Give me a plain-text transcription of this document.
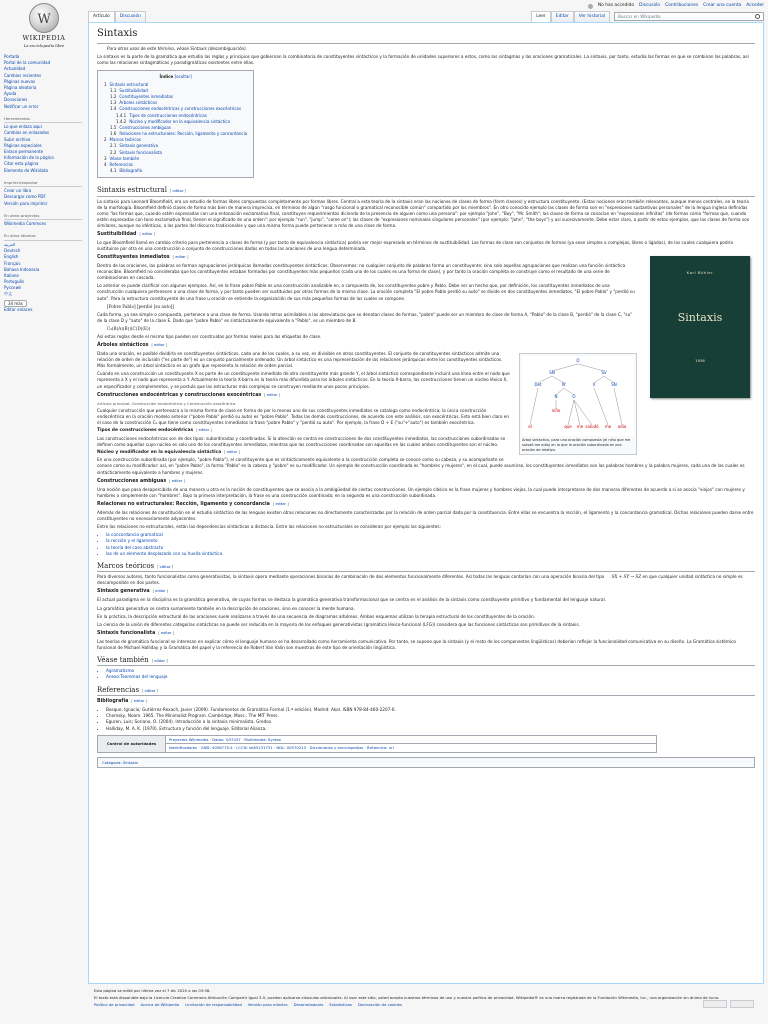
No has accedido Discusión Contribuciones Crear una cuenta Acceder
W
WIKIPEDIA
La enciclopedia libre
Portada
Portal de la comunidad
Actualidad
Cambios recientes
Páginas nuevas
Página aleatoria
Ayuda
Donaciones
Notificar un error
Herramientas
Lo que enlaza aquí
Cambios en enlazadas
Subir archivo
Páginas especiales
Enlace permanente
Información de la página
Citar esta página
Elemento de Wikidata
Imprimir/exportar
Crear un libro
Descargar como PDF
Versión para imprimir
En otros proyectos
Wikimedia Commons
En otros idiomas
العربية
Deutsch
English
Français
Bahasa Indonesia
Italiano
Português
Русский
中文
34 más
Editar enlaces
Artículo	Discusión	Leer	Editar	Ver historial	Buscar en Wikipedia
Sintaxis
Para otros usos de este término, véase Sintaxis (desambiguación).

La sintaxis es la parte de la gramática que estudia las reglas y principios que gobiernan la combinatoria de constituyentes sintácticos y la formación de unidades superiores a estos, como los sintagmas y las oraciones gramaticales. La sintaxis, por tanto, estudia las formas en que se combinan las palabras, así como las relaciones sintagmáticas y paradigmáticas existentes entre ellas.

Índice [ocultar]
1 Sintaxis estructural
1.1 Sustituibilidad
1.2 Constituyentes inmediatos
1.3 Árboles sintácticos
1.4 Construcciones endocéntricas y construcciones exocéntricas
1.4.1 Tipos de construcciones endocéntricas
1.4.2 Núcleo y modificador en la equivalencia sintáctica
1.5 Construcciones ambiguas
1.6 Relaciones no estructurales: Rección, ligamento y concordancia
2 Marcos teóricos
2.1 Sintaxis generativa
2.2 Sintaxis funcionalista
3 Véase también
4 Referencias
4.1 Bibliografía
Sintaxis estructural [ editar ]

La sintaxis para Leonard Bloomfield, era un estudio de formas libres compuestas completamente por formas libres. Central a esta teoría de la sintaxis eran las nociones de clases de forma (form classes) y estructura constituyente. (Estas nociones eran también relevantes, aunque menos centrales, en la teoría de la morfología. Bloomfield definió clases de forma más bien de manera imprecisa, en términos de algún "rasgo funcional o gramatical reconocible común" compartido por los miembros". En otro conocido ejemplo las clases de forma son en "expresiones sustantivas personales" de la lengua inglesa definidas como "las formas que, cuando estén expresadas con una entonación exclamativa final, constituyen requerimientos diciendo de la presencia de alguien como una persona": por ejemplo "John", "Boy", "Mr. Smith"; las clases de forma se conocían en "expresiones infinitas" (de formas como "formas que, cuando estén expresadas con tono exclamativo final, tienen el significado de una orden": por ejemplo "run", "jump", "come on"); las clases de "expresiones nominales singulares personales" (por ejemplo: "John", "the boys") y así sucesivamente. Debe estar claro, a partir de estos ejemplos, que las clases de forma son similares, aunque no idénticas, a las partes del discurso tradicionales y que una misma forma puede pertenecer a más de una clase de forma.

Sustituibilidad [ editar ]

Lo que Bloomfield llamó en cambio criterio para pertenencia a clases de forma (y por tanto de equivalencia sintáctica) podría ser mejor expresado en términos de sustituibilidad. Las formas de clase son conjuntos de formas (ya sean simples o complejas, libres o ligadas), de las cuales cualquiera podría sustituirse por otra en una construcción o conjunto de construcciones dadas en todas las oraciones de una lengua determinada.

Karl Bühler
Sintaxis
1936
Constituyentes inmediatos [ editar ]

Dentro de las oraciones, las palabras se forman agrupaciones jerárquicas llamadas constituyentes sintácticos. Observemos: no cualquier conjunto de palabras forma un constituyente; sino solo aquellas agrupaciones que realizan una función sintáctica reconocible. Bloomfield no consideraba que los constituyentes estaban formados por constituyentes más pequeños (cada uno de los cuales es una forma de clase), y por tanto la oración completa se construye como el resultado de una serie de combinaciones en cascada.

Lo anterior se puede clarificar con algunos ejemplos. Así, en la frase pobre Pablo es una construcción analizable en, o compuesta de, los constituyentes pobre y Pablo. Debe ser un hecho que, por definición, los constituyentes inmediatos de una construcción cualquiera pertenecen a una clase de forma, y por tanto pueden ser sustituidos por otras formas de la misma clase. La oración completa "El pobre Pablo perdió su auto" se divide en dos constituyentes inmediatos, "El pobre Pablo" y "perdió su auto". Para la estructura constituyente de una frase u oración se entiende la organización de sus más pequeñas formas de las cuales se compone.

[Pobre Pablo] [perdió [su auto]]

Cada forma, ya sea simple o compuesta, pertenece a una clase de forma. Usando letras asimilables a las abreviaturas que se denotan clases de formas, "pobre" puede ser un miembro de clase de forma A, "Pablo" de la clase B, "perdió" de la clase C, "su" de la clase D y "auto" de la clase E. Dado que "pobre Pablo" es sintácticamente equivalente a "Pablo", es un miembro de B.

C₀(B(A)(B))(C(D)(E))

Así estas reglas desde el mismo tipo pueden ser construidas por formas reales para las etiquetas de clase.

Árboles sintácticos [ editar ]
O
SN	SV
Det	N'	V	SN
N	O
el
niño
que me saludó me odia
Árbol sintáctico, para una oración compuesta (el niño que me saludó me odia) en la que la oración subordinada es una oración de relativo.

Dada una oración, es posible dividirla en constituyentes sintácticos, cada uno de los cuales, a su vez, es divisible en otros constituyentes. El conjunto de constituyentes sintácticos admite una relación de orden de inclusión ("es parte de") es un conjunto parcialmente ordenado. Un árbol sintáctico es una representación de las relaciones jerárquicas entre los constituyentes sintácticos. Más formalmente, un árbol sintáctico es un grafo que representa la relación de orden parcial.

Cuando en una construcción un constituyente X es parte de un constituyente inmediato de otro constituyente más grande Y, el árbol sintáctico correspondiente incluirá una línea entre el nodo que representa a X y el nodo que representa a Y. Actualmente la teoría X-barra es la teoría más difundida para los árboles sintácticos. En la teoría X-barra, las construcciones tienen un núcleo léxico X, un especificador y complementos, y se postula que las estructuras más complejas se construyen mediante unos pocos principios.

Construcciones endocéntricas y construcciones exocéntricas [ editar ]
Artículo principal: Construcción endocéntrica y Construcción exocéntrica.

Cualquier construcción que pertenezca a la misma forma de clase en forma de por lo menos uno de sus constituyentes inmediatos se cataloga como endocéntrica; la única construcción endocéntrica en la oración modelo anterior ("pobre Pablo" perdió su auto) es "pobre Pablo". Todas las demás construcciones, de acuerdo con este análisis, son exocéntricas. Esto está bien claro en el caso de la construcción C₀ que tiene como constituyentes inmediatos la frase "pobre Pablo" y "perdió su auto". Por ejemplo, la frase D + E ("su"+"auto") es también exocéntrica.

Tipos de construcciones endocéntricas [ editar ]

Las construcciones endocéntricas son de dos tipos: subordinadas y coordinadas. Si la atención se centra en construcciones de dos constituyentes inmediatos, las construcciones subordinadas se definen como aquellas cuyo núcleo es solo uno de los constituyentes inmediatos, mientras que las construcciones coordinadas son aquellas en las cuales ambos constituyentes son el núcleo.

Núcleo y modificador en la equivalencia sintáctica [ editar ]

En una construcción subordinada (por ejemplo, "pobre Pablo"), el constituyente que es sintácticamente equivalente a la construcción completa se conoce como su cabeza, y su acompañante se conoce como su modificador: así, en "pobre Pablo", la forma "Pablo" es la cabeza y "pobre" es su modificador. Un ejemplo de construcción coordinada es "hombres y mujeres", en el cual, puede asumirse, los constituyentes inmediatos son las palabras hombres y la palabra mujeres, cada una de las cuales es sintácticamente equivalente a hombres y mujeres.

Construcciones ambiguas [ editar ]

Una noción que pasa desapercibida de una manera u otra es la noción de constituyentes que se asocia a la ambigüedad de ciertas construcciones. Un ejemplo clásico es la frase mujeres y hombres viejos, la cual puede interpretarse de dos maneras diferentes de acuerdo a si se asocia "viejos" con mujeres y hombres o simplemente con "hombres". Bajo la primera interpretación, la frase es una construcción coordinada; en la segunda es una construcción subordinada.

Relaciones no estructurales: Rección, ligamento y concordancia [ editar ]

Además de las relaciones de constitución en el estudio sintáctico de las lenguas existen otras relaciones no directamente caracterizadas por la relación de orden parcial dada por la constituencia. Entre ellas se encuentra la rección, el ligamento y la concordancia gramatical. Dichas relaciones pueden darse entre constituyentes no necesariamente adyacentes.

Entre las relaciones no estructurales, están las dependencias sintácticas a distancia. Entre las relaciones no estructurales se consideran por ejemplo las siguientes:

• la concordancia gramatical
• la rección y el ligamento
• la teoría del caso abstracto
• las de un elemento desplazado con su huella sintáctica.
Marcos teóricos [ editar ]

Para diversos autores, tanto funcionalistas como generativistas, la sintaxis opera mediante operaciones binarias de combinación de dos elementos funcionalmente diferentes. Así todas las lenguas contarían con una operación binaria del tipo SX + SY → SZ en que cualquier unidad sintáctica no simple es descomponible en dos partes.

Sintaxis generativa [ editar ]

El actual paradigma en la disciplina es la gramática generativa, de cuyas formas se destaca la gramática generativa transformacional que se centra en el análisis de la sintaxis como constituyente primitivo y fundamental del lenguaje natural.

La gramática generativa se centra sumamente también en la descripción de oraciones, sino en conocer la mente humana.

En la práctica, la descripción estructural de las oraciones suele realizarse a través de una secuencia de diagramas arbóreos. Ambos esquemas utilizan la terapia estructural de los constituyentes de la oración.

La ciencia de la unión de diferentes categorías sintácticas no puede ser reducida en la mayoría de los enfoques generativistas (gramática léxico-funcional (LFG)) considera que las funciones sintácticas son primitivos de la sintaxis.

Sintaxis funcionalista [ editar ]

Las teorías de gramática funcional se interesan en explicar cómo el lenguaje humano se ha desarrollado como herramienta comunicativa. Por tanto, se supone que la sintaxis (y el resto de los componentes lingüísticos) deberían reflejar la funcionalidad comunicativa en su diseño. La Gramática sistémico funcional de Michael Halliday y la Gramática del papel y la referencia de Robert Van Valin son muestras de este tipo de orientación lingüística.

Véase también [ editar ]
• Agramatismo
• Anexo:Teoremas del lenguaje
Referencias [ editar ]
Bibliografía [ editar ]
• Bosque, Ignacio; Gutiérrez-Rexach, Javier (2009). Fundamentos de Gramática Formal (1.ª edición). Madrid: Akal. ISBN 978-84-460-2207-6.
• Chomsky, Noam. 1965. The Minimalist Program. Cambridge, Mass.: The MIT Press.
• Eguren, Luis; Soriano, O. (2004). Introducción a la sintaxis minimalista. Gredos.
• Halliday, M. A. K. (1970). Estructura y función del lenguaje. Editorial Alianza.
Control de autoridades	Proyectos Wikimedia · Datos: Q37437 · Multimedia: Syntax
Identificadores · GND: 4058779-4 · LCCN: sh85131731 · NDL: 00570213 · Diccionarios y enciclopedias · Britannica: url
Categoría: Sintaxis

Esta página se editó por última vez el 7 dic 2020 a las 03:58.

El texto está disponible bajo la Licencia Creative Commons Atribución Compartir Igual 3.0; pueden aplicarse cláusulas adicionales. Al usar este sitio, usted acepta nuestros términos de uso y nuestra política de privacidad. Wikipedia® es una marca registrada de la Fundación Wikimedia, Inc., una organización sin ánimo de lucro.

Política de privacidad Acerca de Wikipedia Limitación de responsabilidad Versión para móviles Desarrolladores Estadísticas Declaración de cookies
